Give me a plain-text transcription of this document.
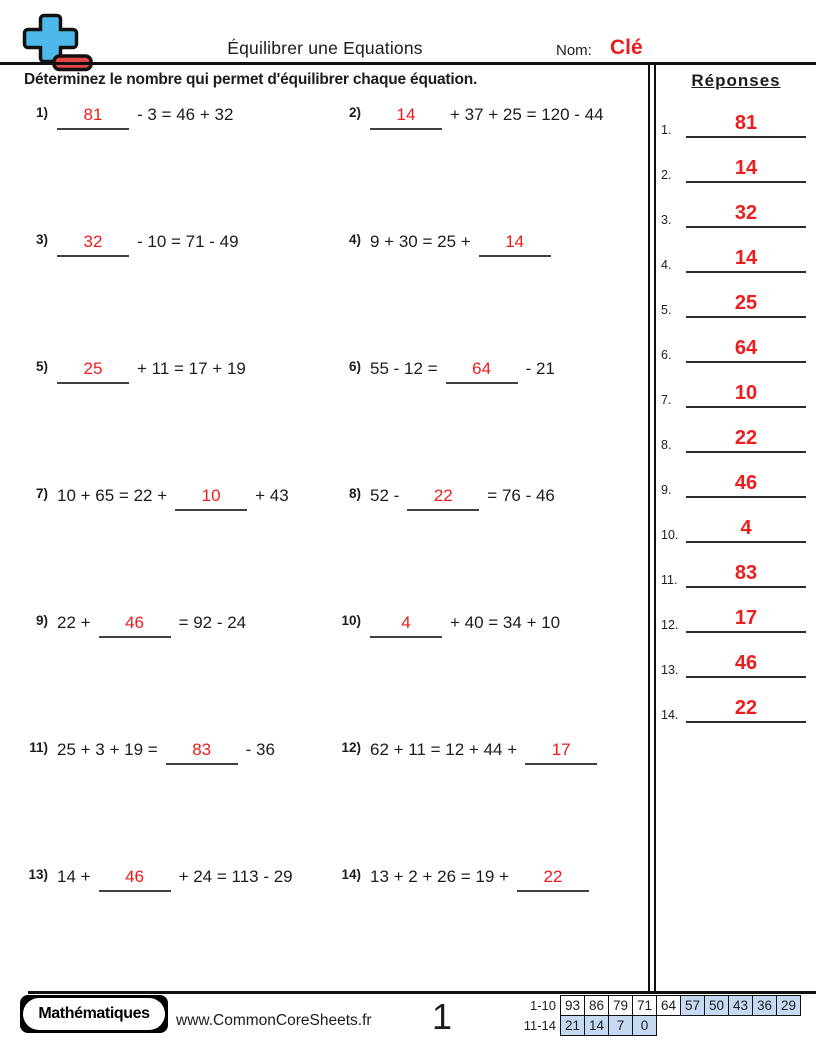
Équilibrer une Equations	Nom: Clé
Déterminez le nombre qui permet d'équilibrer chaque équation.
1)	81	- 3 = 46 + 32	2)	14	+ 37 + 25 = 120 - 44
3)	32	- 10 = 71 - 49	4) 9 + 30 = 25 +	14
5)	25	+ 11 = 17 + 19	6) 55 - 12 =	64	- 21
7) 10 + 65 = 22 +	10	+ 43	8) 52 -	22	= 76 - 46
9) 22 +	46	= 92 - 24	10)	4	+ 40 = 34 + 10
11) 25 + 3 + 19 =	83	- 36	12) 62 + 11 = 12 + 44 +	17
13) 14 +	46	+ 24 = 113 - 29	14) 13 + 2 + 26 = 19 +	22
Réponses
1.	81
2.	14
3.	32
4.	14
5.	25
6.	64
7.	10
8.	22
9.	46
10.	4
11.	83
12.	17
13.	46
14.	22
Mathématiques	www.CommonCoreSheets.fr 1	1-10 93 86 79 71 64 57 50 43 36 29
11-14 21 14 7	0
